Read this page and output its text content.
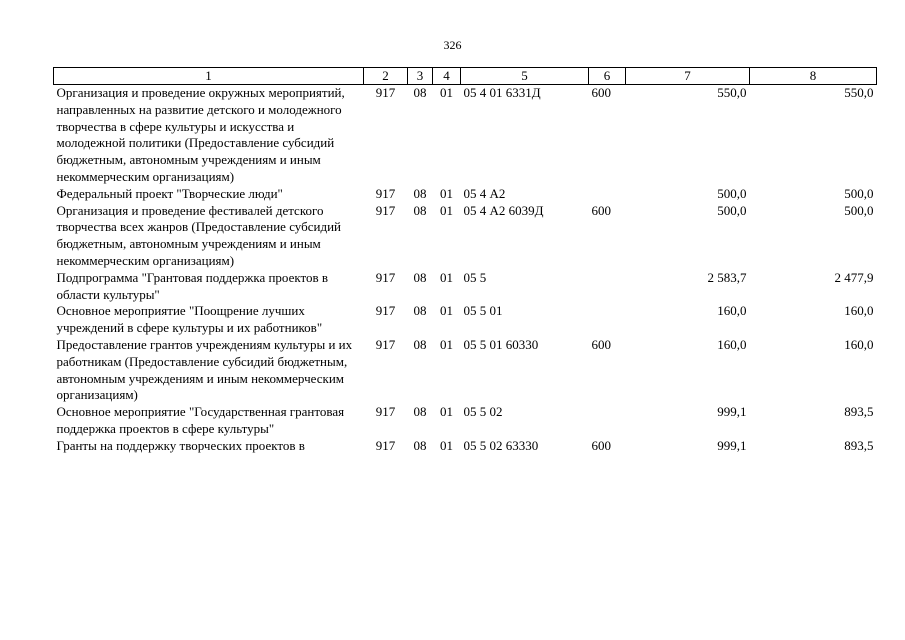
326
1	2	3	4	5	6	7	8
Организация и проведение окружных мероприятий, направленных на развитие детского и молодежного творчества в сфере культуры и искусства и молодежной политики (Предоставление субсидий бюджетным, автономным учреждениям и иным некоммерческим организациям)	917	08	01	05 4 01 6331Д	600	550,0	550,0
Федеральный проект "Творческие люди"	917	08	01	05 4 А2		500,0	500,0
Организация и проведение фестивалей детского творчества всех жанров (Предоставление субсидий бюджетным, автономным учреждениям и иным некоммерческим организациям)	917	08	01	05 4 А2 6039Д	600	500,0	500,0
Подпрограмма "Грантовая поддержка проектов в области культуры"	917	08	01	05 5		2 583,7	2 477,9
Основное мероприятие "Поощрение лучших учреждений в сфере культуры и их работников"	917	08	01	05 5 01		160,0	160,0
Предоставление грантов учреждениям культуры и их работникам (Предоставление субсидий бюджетным, автономным учреждениям и иным некоммерческим организациям)	917	08	01	05 5 01 60330	600	160,0	160,0
Основное мероприятие "Государственная грантовая поддержка проектов в сфере культуры"	917	08	01	05 5 02		999,1	893,5
Гранты на поддержку творческих проектов в	917	08	01	05 5 02 63330	600	999,1	893,5
